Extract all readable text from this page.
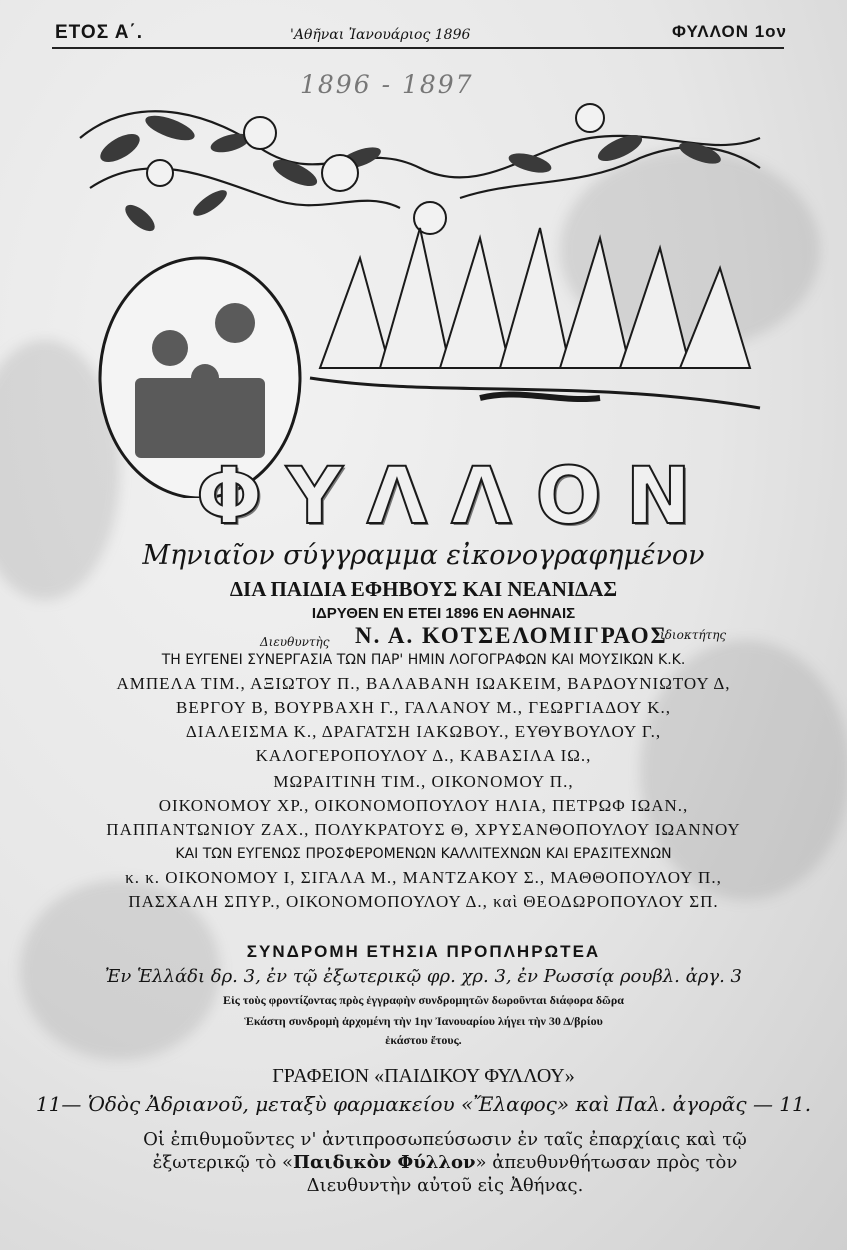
ΕΤΟΣ Α΄.	'Αθῆναι Ἰανουάριος 1896	ΦΥΛΛΟΝ 1ον
1896 - 1897
ΦΥΛΛΟΝ
Μηνιαῖον σύγγραμμα εἰκονογραφημένον
ΔΙΑ ΠΑΙΔΙΑ ΕΦΗΒΟΥΣ ΚΑΙ ΝΕΑΝΙΔΑΣ
ΙΔΡΥΘΕΝ ΕΝ ΕΤΕΙ 1896 ΕΝ ΑΘΗΝΑΙΣ
Διευθυντὴς Ν. Α. ΚΟΤΣΕΛΟΜΙΓΡΑΟΣ
ἰδιοκτήτης
ΤΗ ΕΥΓΕΝΕΙ ΣΥΝΕΡΓΑΣΙΑ ΤΩΝ ΠΑΡ' ΗΜΙΝ ΛΟΓΟΓΡΑΦΩΝ ΚΑΙ ΜΟΥΣΙΚΩΝ Κ.Κ.
ΑΜΠΕΛΑ ΤΙΜ., ΑΞΙΩΤΟΥ Π., ΒΑΛΑΒΑΝΗ ΙΩΑΚΕΙΜ, ΒΑΡΔΟΥΝΙΩΤΟΥ Δ,
ΒΕΡΓΟΥ Β, ΒΟΥΡΒΑΧΗ Γ., ΓΑΛΑΝΟΥ Μ., ΓΕΩΡΓΙΑΔΟΥ Κ.,
ΔΙΑΛΕΙΣΜΑ Κ., ΔΡΑΓΑΤΣΗ ΙΑΚΩΒΟΥ., ΕΥΘΥΒΟΥΛΟΥ Γ.,
ΚΑΛΟΓΕΡΟΠΟΥΛΟΥ Δ., ΚΑΒΑΣΙΛΑ ΙΩ.,
ΜΩΡΑΙΤΙΝΗ ΤΙΜ., ΟΙΚΟΝΟΜΟΥ Π.,
ΟΙΚΟΝΟΜΟΥ ΧΡ., ΟΙΚΟΝΟΜΟΠΟΥΛΟΥ ΗΛΙΑ, ΠΕΤΡΩΦ ΙΩΑΝ.,
ΠΑΠΠΑΝΤΩΝΙΟΥ ΖΑΧ., ΠΟΛΥΚΡΑΤΟΥΣ Θ, ΧΡΥΣΑΝΘΟΠΟΥΛΟΥ ΙΩΑΝΝΟΥ
ΚΑΙ ΤΩΝ ΕΥΓΕΝΩΣ ΠΡΟΣΦΕΡΟΜΕΝΩΝ ΚΑΛΛΙΤΕΧΝΩΝ ΚΑΙ ΕΡΑΣΙΤΕΧΝΩΝ
κ. κ. ΟΙΚΟΝΟΜΟΥ Ι, ΣΙΓΑΛΑ Μ., ΜΑΝΤΖΑΚΟΥ Σ., ΜΑΘΘΟΠΟΥΛΟΥ Π.,
ΠΑΣΧΑΛΗ ΣΠΥΡ., ΟΙΚΟΝΟΜΟΠΟΥΛΟΥ Δ., καὶ ΘΕΟΔΩΡΟΠΟΥΛΟΥ ΣΠ.
ΣΥΝΔΡΟΜΗ ΕΤΗΣΙΑ ΠΡΟΠΛΗΡΩΤΕΑ
Ἐν Ἑλλάδι δρ. 3, ἐν τῷ ἐξωτερικῷ φρ. χρ. 3, ἐν Ρωσσίᾳ ρουβλ. ἀργ. 3
Εἰς τοὺς φροντίζοντας πρὸς ἐγγραφὴν συνδρομητῶν δωροῦνται διάφορα δῶρα
Ἑκάστη συνδρομὴ ἀρχομένη τὴν 1ην Ἰανουαρίου λήγει τὴν 30 Δ/βρίου
ἑκάστου ἔτους.
ΓΡΑΦΕΙΟΝ «ΠΑΙΔΙΚΟΥ ΦΥΛΛΟΥ»
11— Ὁδὸς Ἀδριανοῦ, μεταξὺ φαρμακείου «Ἔλαφος» καὶ Παλ. ἀγορᾶς — 11.
Οἱ ἐπιθυμοῦντες ν' ἀντιπροσωπεύσωσιν ἐν ταῖς ἐπαρχίαις καὶ τῷ ἐξωτερικῷ τὸ «Παιδικὸν Φύλλον» ἀπευθυνθήτωσαν πρὸς τὸν Διευθυντὴν αὐτοῦ εἰς Ἀθήνας.
